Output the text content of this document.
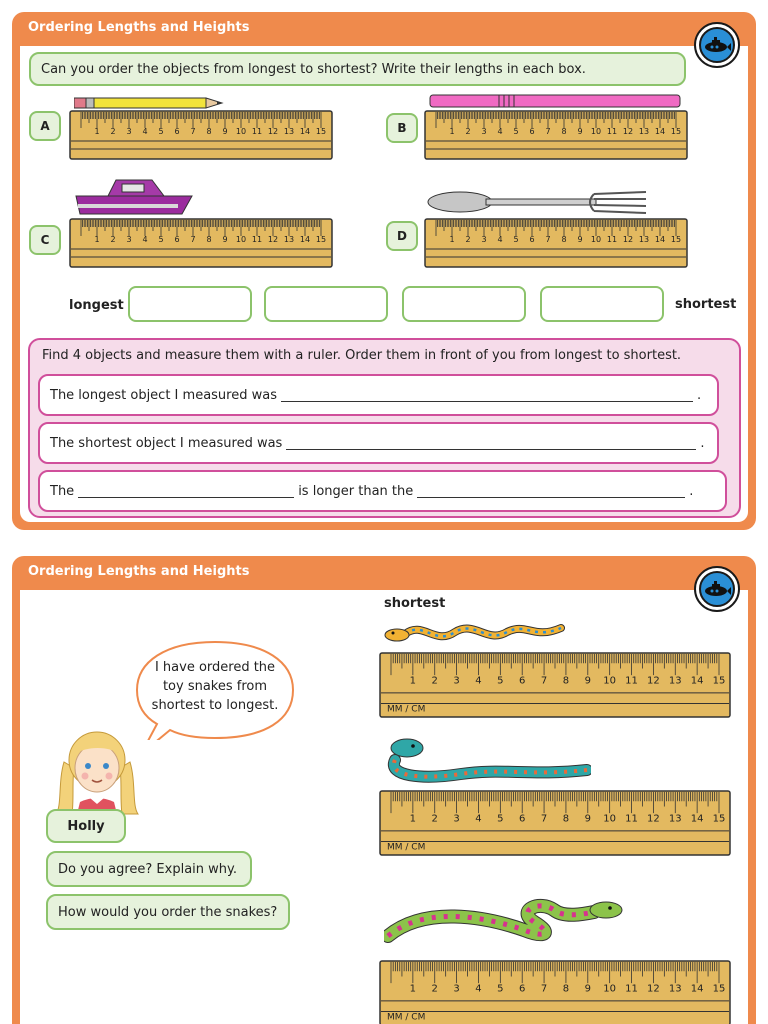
Ordering Lengths and Heights
Can you order the objects from longest to shortest? Write their lengths in each box.
A	B
C	D
1 2 3 4 5 6 7 8 9 10 11 12 13 14 15	1 2 3 4 5 6 7 8 9 10 11 12 13 14 15
1 2 3 4 5 6 7 8 9 10 11 12 13 14 15	1 2 3 4 5 6 7 8 9 10 11 12 13 14 15
longest	shortest
Find 4 objects and measure them with a ruler. Order them in front of you from longest to shortest.
The longest object I measured was	.
The shortest object I measured was	.
The	is longer than the	.
Ordering Lengths and Heights
I have ordered the toy snakes from shortest to longest.
Holly
Do you agree? Explain why.
How would you order the snakes?
shortest
1 2 3 4 5 6 7 8 9 10 11 12 13 14 15
MM / CM
1 2 3 4 5 6 7 8 9 10 11 12 13 14 15
MM / CM
1 2 3 4 5 6 7 8 9 10 11 12 13 14 15
MM / CM
